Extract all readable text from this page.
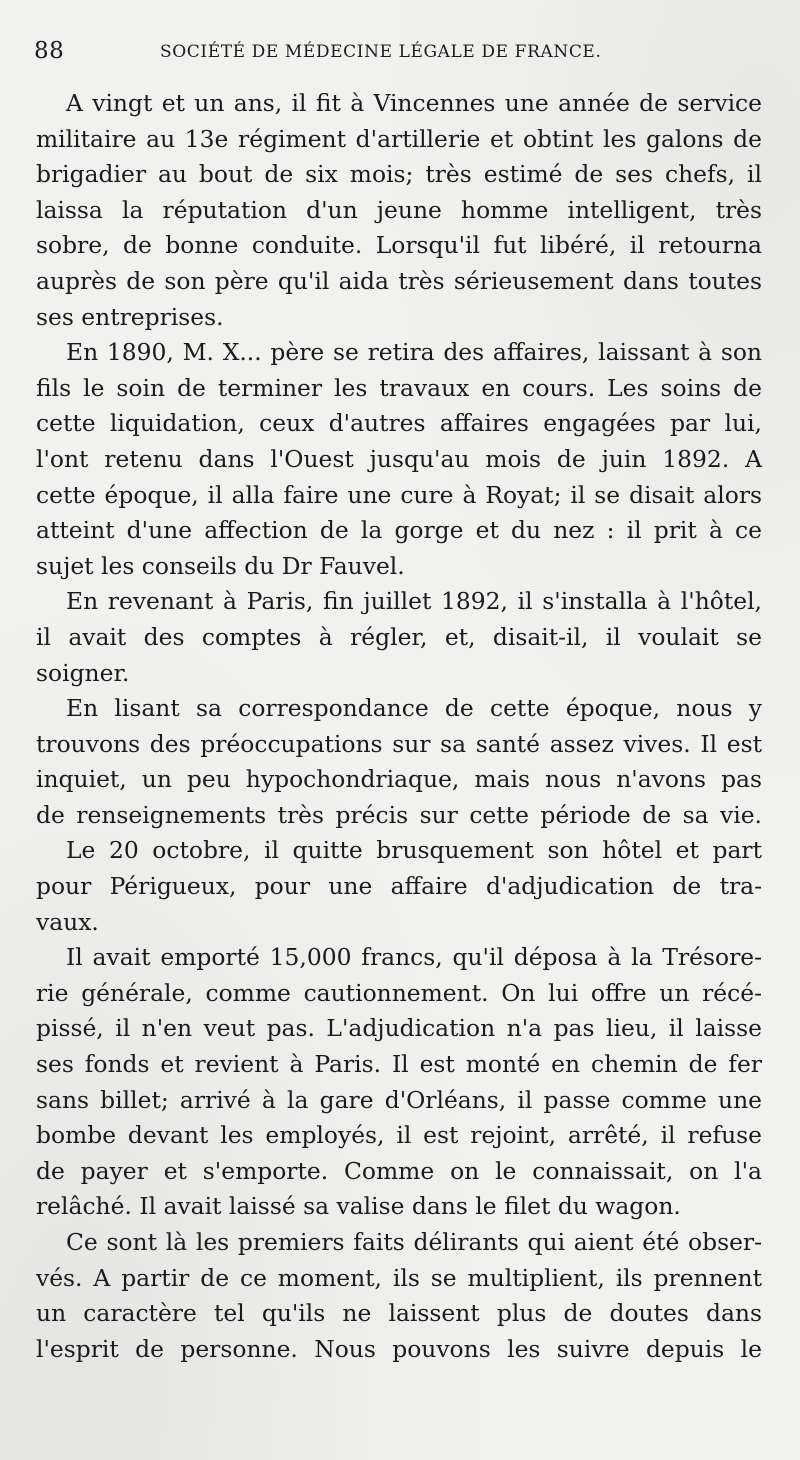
88	SOCIÉTÉ DE MÉDECINE LÉGALE DE FRANCE.
A vingt et un ans, il fit à Vincennes une année de service
militaire au 13e régiment d'artillerie et obtint les galons de
brigadier au bout de six mois; très estimé de ses chefs, il
laissa la réputation d'un jeune homme intelligent, très
sobre, de bonne conduite. Lorsqu'il fut libéré, il retourna
auprès de son père qu'il aida très sérieusement dans toutes
ses entreprises.
En 1890, M. X... père se retira des affaires, laissant à son
fils le soin de terminer les travaux en cours. Les soins de
cette liquidation, ceux d'autres affaires engagées par lui,
l'ont retenu dans l'Ouest jusqu'au mois de juin 1892. A
cette époque, il alla faire une cure à Royat; il se disait alors
atteint d'une affection de la gorge et du nez : il prit à ce
sujet les conseils du Dr Fauvel.
En revenant à Paris, fin juillet 1892, il s'installa à l'hôtel,
il avait des comptes à régler, et, disait-il, il voulait se
soigner.
En lisant sa correspondance de cette époque, nous y
trouvons des préoccupations sur sa santé assez vives. Il est
inquiet, un peu hypochondriaque, mais nous n'avons pas
de renseignements très précis sur cette période de sa vie.
Le 20 octobre, il quitte brusquement son hôtel et part
pour Périgueux, pour une affaire d'adjudication de tra-
vaux.
Il avait emporté 15,000 francs, qu'il déposa à la Trésore-
rie générale, comme cautionnement. On lui offre un récé-
pissé, il n'en veut pas. L'adjudication n'a pas lieu, il laisse
ses fonds et revient à Paris. Il est monté en chemin de fer
sans billet; arrivé à la gare d'Orléans, il passe comme une
bombe devant les employés, il est rejoint, arrêté, il refuse
de payer et s'emporte. Comme on le connaissait, on l'a
relâché. Il avait laissé sa valise dans le filet du wagon.
Ce sont là les premiers faits délirants qui aient été obser-
vés. A partir de ce moment, ils se multiplient, ils prennent
un caractère tel qu'ils ne laissent plus de doutes dans
l'esprit de personne. Nous pouvons les suivre depuis le
